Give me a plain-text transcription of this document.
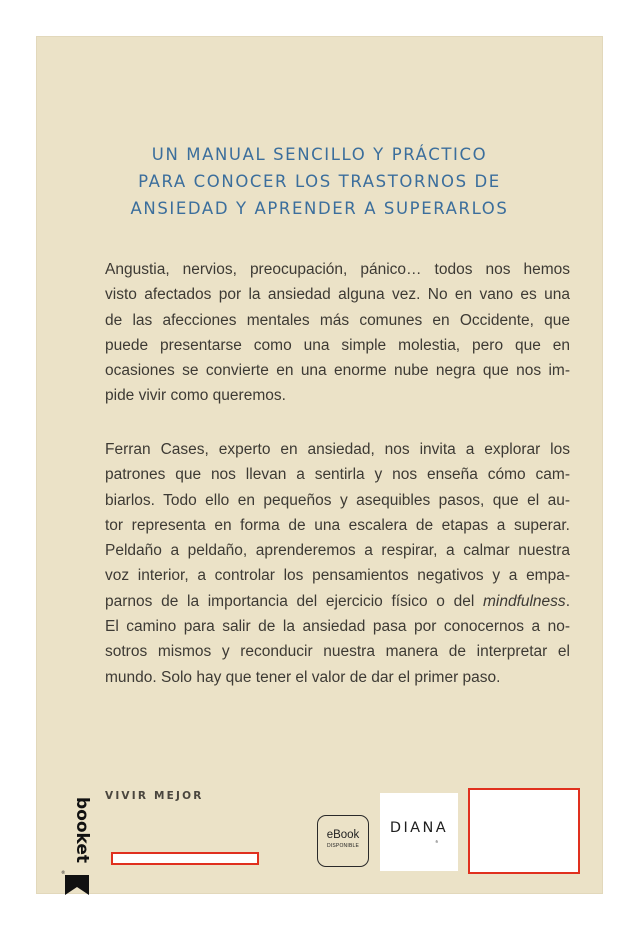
UN MANUAL SENCILLO Y PRÁCTICO
PARA CONOCER LOS TRASTORNOS DE
ANSIEDAD Y APRENDER A SUPERARLOS
Angustia, nervios, preocupación, pánico… todos nos hemos
visto afectados por la ansiedad alguna vez. No en vano es una
de las afecciones mentales más comunes en Occidente, que
puede presentarse como una simple molestia, pero que en
ocasiones se convierte en una enorme nube negra que nos im-
pide vivir como queremos.
Ferran Cases, experto en ansiedad, nos invita a explorar los
patrones que nos llevan a sentirla y nos enseña cómo cam-
biarlos. Todo ello en pequeños y asequibles pasos, que el au-
tor representa en forma de una escalera de etapas a superar.
Peldaño a peldaño, aprenderemos a respirar, a calmar nuestra
voz interior, a controlar los pensamientos negativos y a empa-
parnos de la importancia del ejercicio físico o del mindfulness.
El camino para salir de la ansiedad pasa por conocernos a no-
sotros mismos y reconducir nuestra manera de interpretar el
mundo. Solo hay que tener el valor de dar el primer paso.
VIVIR MEJOR
booket
®
eBook
DISPONIBLE
DIANA
®
